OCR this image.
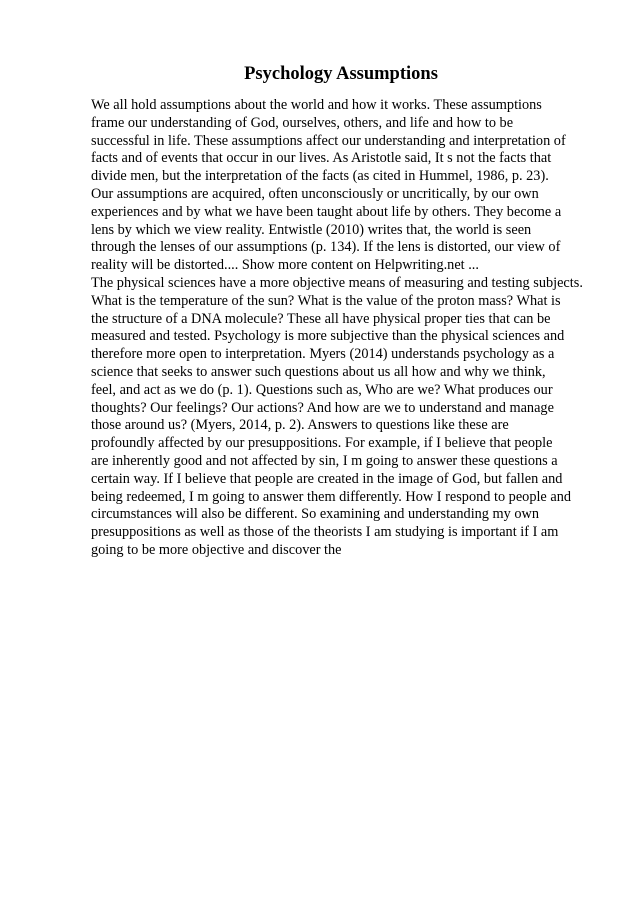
Psychology Assumptions
We all hold assumptions about the world and how it works. These assumptions
frame our understanding of God, ourselves, others, and life and how to be
successful in life. These assumptions affect our understanding and interpretation of
facts and of events that occur in our lives. As Aristotle said, It s not the facts that
divide men, but the interpretation of the facts (as cited in Hummel, 1986, p. 23).
Our assumptions are acquired, often unconsciously or uncritically, by our own
experiences and by what we have been taught about life by others. They become a
lens by which we view reality. Entwistle (2010) writes that, the world is seen
through the lenses of our assumptions (p. 134). If the lens is distorted, our view of
reality will be distorted.... Show more content on Helpwriting.net ...
The physical sciences have a more objective means of measuring and testing subjects.
What is the temperature of the sun? What is the value of the proton mass? What is
the structure of a DNA molecule? These all have physical proper ties that can be
measured and tested. Psychology is more subjective than the physical sciences and
therefore more open to interpretation. Myers (2014) understands psychology as a
science that seeks to answer such questions about us all how and why we think,
feel, and act as we do (p. 1). Questions such as, Who are we? What produces our
thoughts? Our feelings? Our actions? And how are we to understand and manage
those around us? (Myers, 2014, p. 2). Answers to questions like these are
profoundly affected by our presuppositions. For example, if I believe that people
are inherently good and not affected by sin, I m going to answer these questions a
certain way. If I believe that people are created in the image of God, but fallen and
being redeemed, I m going to answer them differently. How I respond to people and
circumstances will also be different. So examining and understanding my own
presuppositions as well as those of the theorists I am studying is important if I am
going to be more objective and discover the
